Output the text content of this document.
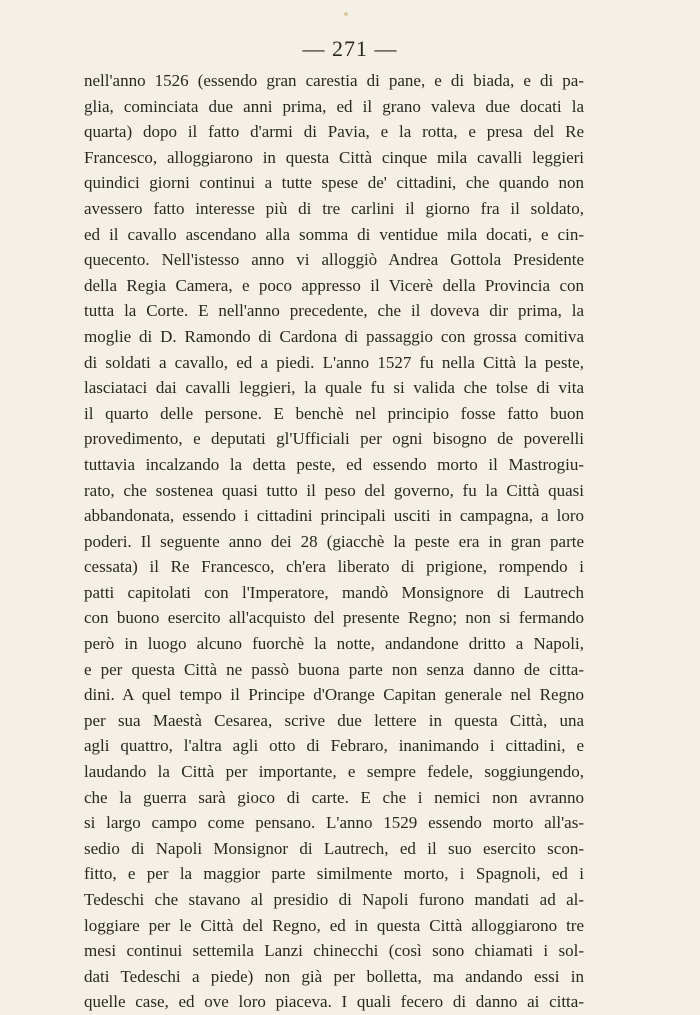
— 271 —
nell'anno 1526 (essendo gran carestia di pane, e di biada, e di pa-
glia, cominciata due anni prima, ed il grano valeva due docati la
quarta) dopo il fatto d'armi di Pavia, e la rotta, e presa del Re
Francesco, alloggiarono in questa Città cinque mila cavalli leggieri
quindici giorni continui a tutte spese de' cittadini, che quando non
avessero fatto interesse più di tre carlini il giorno fra il soldato,
ed il cavallo ascendano alla somma di ventidue mila docati, e cin-
quecento. Nell'istesso anno vi alloggiò Andrea Gottola Presidente
della Regia Camera, e poco appresso il Vicerè della Provincia con
tutta la Corte. E nell'anno precedente, che il doveva dir prima, la
moglie di D. Ramondo di Cardona di passaggio con grossa comitiva
di soldati a cavallo, ed a piedi. L'anno 1527 fu nella Città la peste,
lasciataci dai cavalli leggieri, la quale fu si valida che tolse di vita
il quarto delle persone. E benchè nel principio fosse fatto buon
provedimento, e deputati gl'Ufficiali per ogni bisogno de poverelli
tuttavia incalzando la detta peste, ed essendo morto il Mastrogiu-
rato, che sostenea quasi tutto il peso del governo, fu la Città quasi
abbandonata, essendo i cittadini principali usciti in campagna, a loro
poderi. Il seguente anno dei 28 (giacchè la peste era in gran parte
cessata) il Re Francesco, ch'era liberato di prigione, rompendo i
patti capitolati con l'Imperatore, mandò Monsignore di Lautrech
con buono esercito all'acquisto del presente Regno; non si fermando
però in luogo alcuno fuorchè la notte, andandone dritto a Napoli,
e per questa Città ne passò buona parte non senza danno de citta-
dini. A quel tempo il Principe d'Orange Capitan generale nel Regno
per sua Maestà Cesarea, scrive due lettere in questa Città, una
agli quattro, l'altra agli otto di Febraro, inanimando i cittadini, e
laudando la Città per importante, e sempre fedele, soggiungendo,
che la guerra sarà gioco di carte. E che i nemici non avranno
si largo campo come pensano. L'anno 1529 essendo morto all'as-
sedio di Napoli Monsignor di Lautrech, ed il suo esercito scon-
fitto, e per la maggior parte similmente morto, i Spagnoli, ed i
Tedeschi che stavano al presidio di Napoli furono mandati ad al-
loggiare per le Città del Regno, ed in questa Città alloggiarono tre
mesi continui settemila Lanzi chinecchi (così sono chiamati i sol-
dati Tedeschi a piede) non già per bolletta, ma andando essi in
quelle case, ed ove loro piaceva. I quali fecero di danno ai citta-
